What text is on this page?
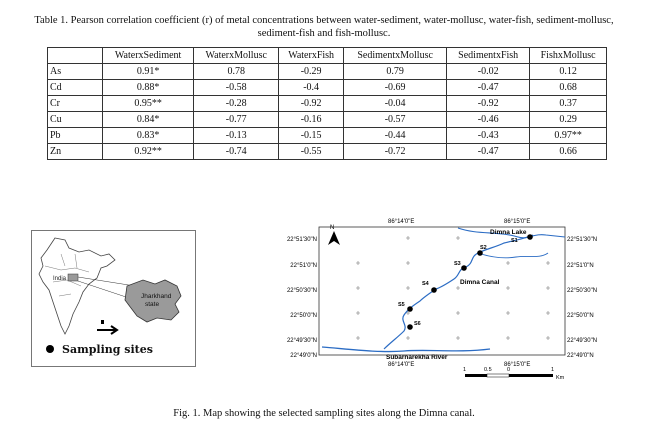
Table 1. Pearson correlation coefficient (r) of metal concentrations between water-sediment, water-mollusc, water-fish, sediment-mollusc, sediment-fish and fish-mollusc.
	WaterxSediment	WaterxMollusc	WaterxFish	SedimentxMollusc	SedimentxFish	FishxMollusc
As	0.91*	0.78	-0.29	0.79	-0.02	0.12
Cd	0.88*	-0.58	-0.4	-0.69	-0.47	0.68
Cr	0.95**	-0.28	-0.92	-0.04	-0.92	0.37
Cu	0.84*	-0.77	-0.16	-0.57	-0.46	0.29
Pb	0.83*	-0.13	-0.15	-0.44	-0.43	0.97**
Zn	0.92**	-0.74	-0.55	-0.72	-0.47	0.66
India
Jharkhand
state
Sampling sites
86°14'0"E	86°15'0"E
86°14'0"E	86°15'0"E
22°51'30"N
22°51'0"N
22°50'30"N
22°50'0"N
22°49'30"N
22°49'0"N
22°51'30"N
22°51'0"N
22°50'30"N
22°50'0"N
22°49'30"N
22°49'0"N
N
Dimna Lake
Dimna Canal
Subarnarekha River
S1
S2
S3
S4
S5
S6
1	0.5	0	1
Km
Fig. 1. Map showing the selected sampling sites along the Dimna canal.
